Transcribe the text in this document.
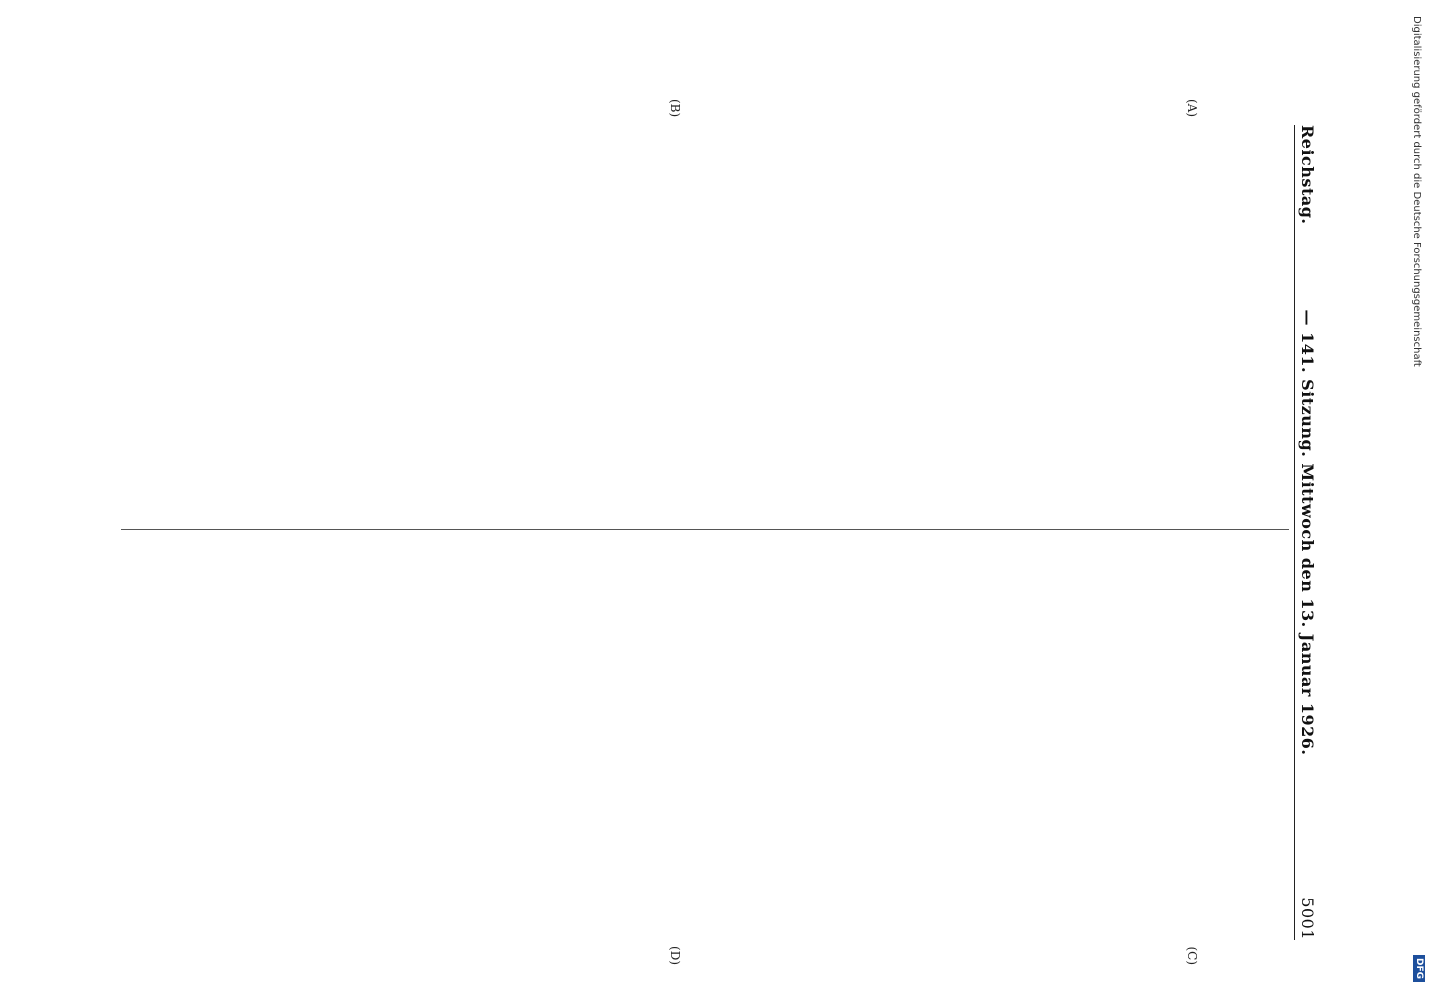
Reichstag.
— 141. Sitzung. Mittwoch den 13. Januar 1926.
5001
(A)
(B)
(C)
(D)
Digitalisierung gefördert durch die Deutsche Forschungsgemeinschaft
DFG
